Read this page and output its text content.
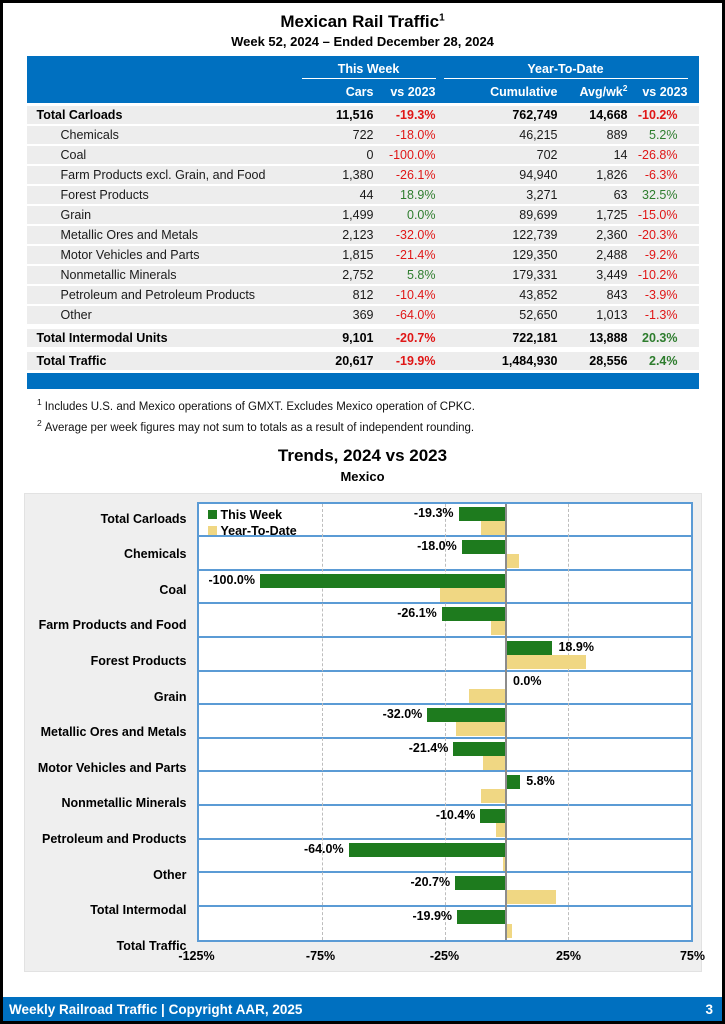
Mexican Rail Traffic$^1$
Week 52, 2024 – Ended December 28, 2024
This Week	Year-To-Date
Cars	vs 2023	Cumulative	Avg/$wk^2$	vs 2023
Total Carloads	11,516	-19.3%	762,749	14,668 -10.2%
Chemicals	722	-18.0%	46,215	889	5.2%
Coal	0	-100.0%	702	14 -26.8%
Farm Products excl. Grain, and Food	1,380	-26.1%	94,940	1,826	-6.3%
Forest Products	44	18.9%	3,271	63	32.5%
Grain	1,499	0.0%	89,699	1,725 -15.0%
Metallic Ores and Metals	2,123	-32.0%	122,739	2,360 -20.3%
Motor Vehicles and Parts	1,815	-21.4%	129,350	2,488	-9.2%
Nonmetallic Minerals	2,752	5.8%	179,331	3,449 -10.2%
Petroleum and Petroleum Products	812	-10.4%	43,852	843	-3.9%
Other	369	-64.0%	52,650	1,013	-1.3%
Total Intermodal Units	9,101	-20.7%	722,181	13,888	20.3%
Total Traffic	20,617	-19.9%	1,484,930	28,556	2.4%
$^1$ Includes U.S. and Mexico operations of GMXT. Excludes Mexico operation of CPKC.
$^2$ Average per week figures may not sum to totals as a result of independent rounding.
Trends, 2024 vs 2023
Mexico
Total Carloads
Chemicals
Coal
Farm Products and Food
Forest Products
Grain
Metallic Ores and Metals
Motor Vehicles and Parts
Nonmetallic Minerals
Petroleum and Products
Other
Total Intermodal
Total Traffic
This Week
Year-To-Date
-19.3%
-18.0%
-100.0%
-26.1%
18.9%
0.0%
-32.0%
-21.4%
5.8%
-10.4%
-64.0%
-20.7%
-19.9%
-125%	-75%	-25%	25%	75%
Weekly Railroad Traffic | Copyright AAR, 2025	3
